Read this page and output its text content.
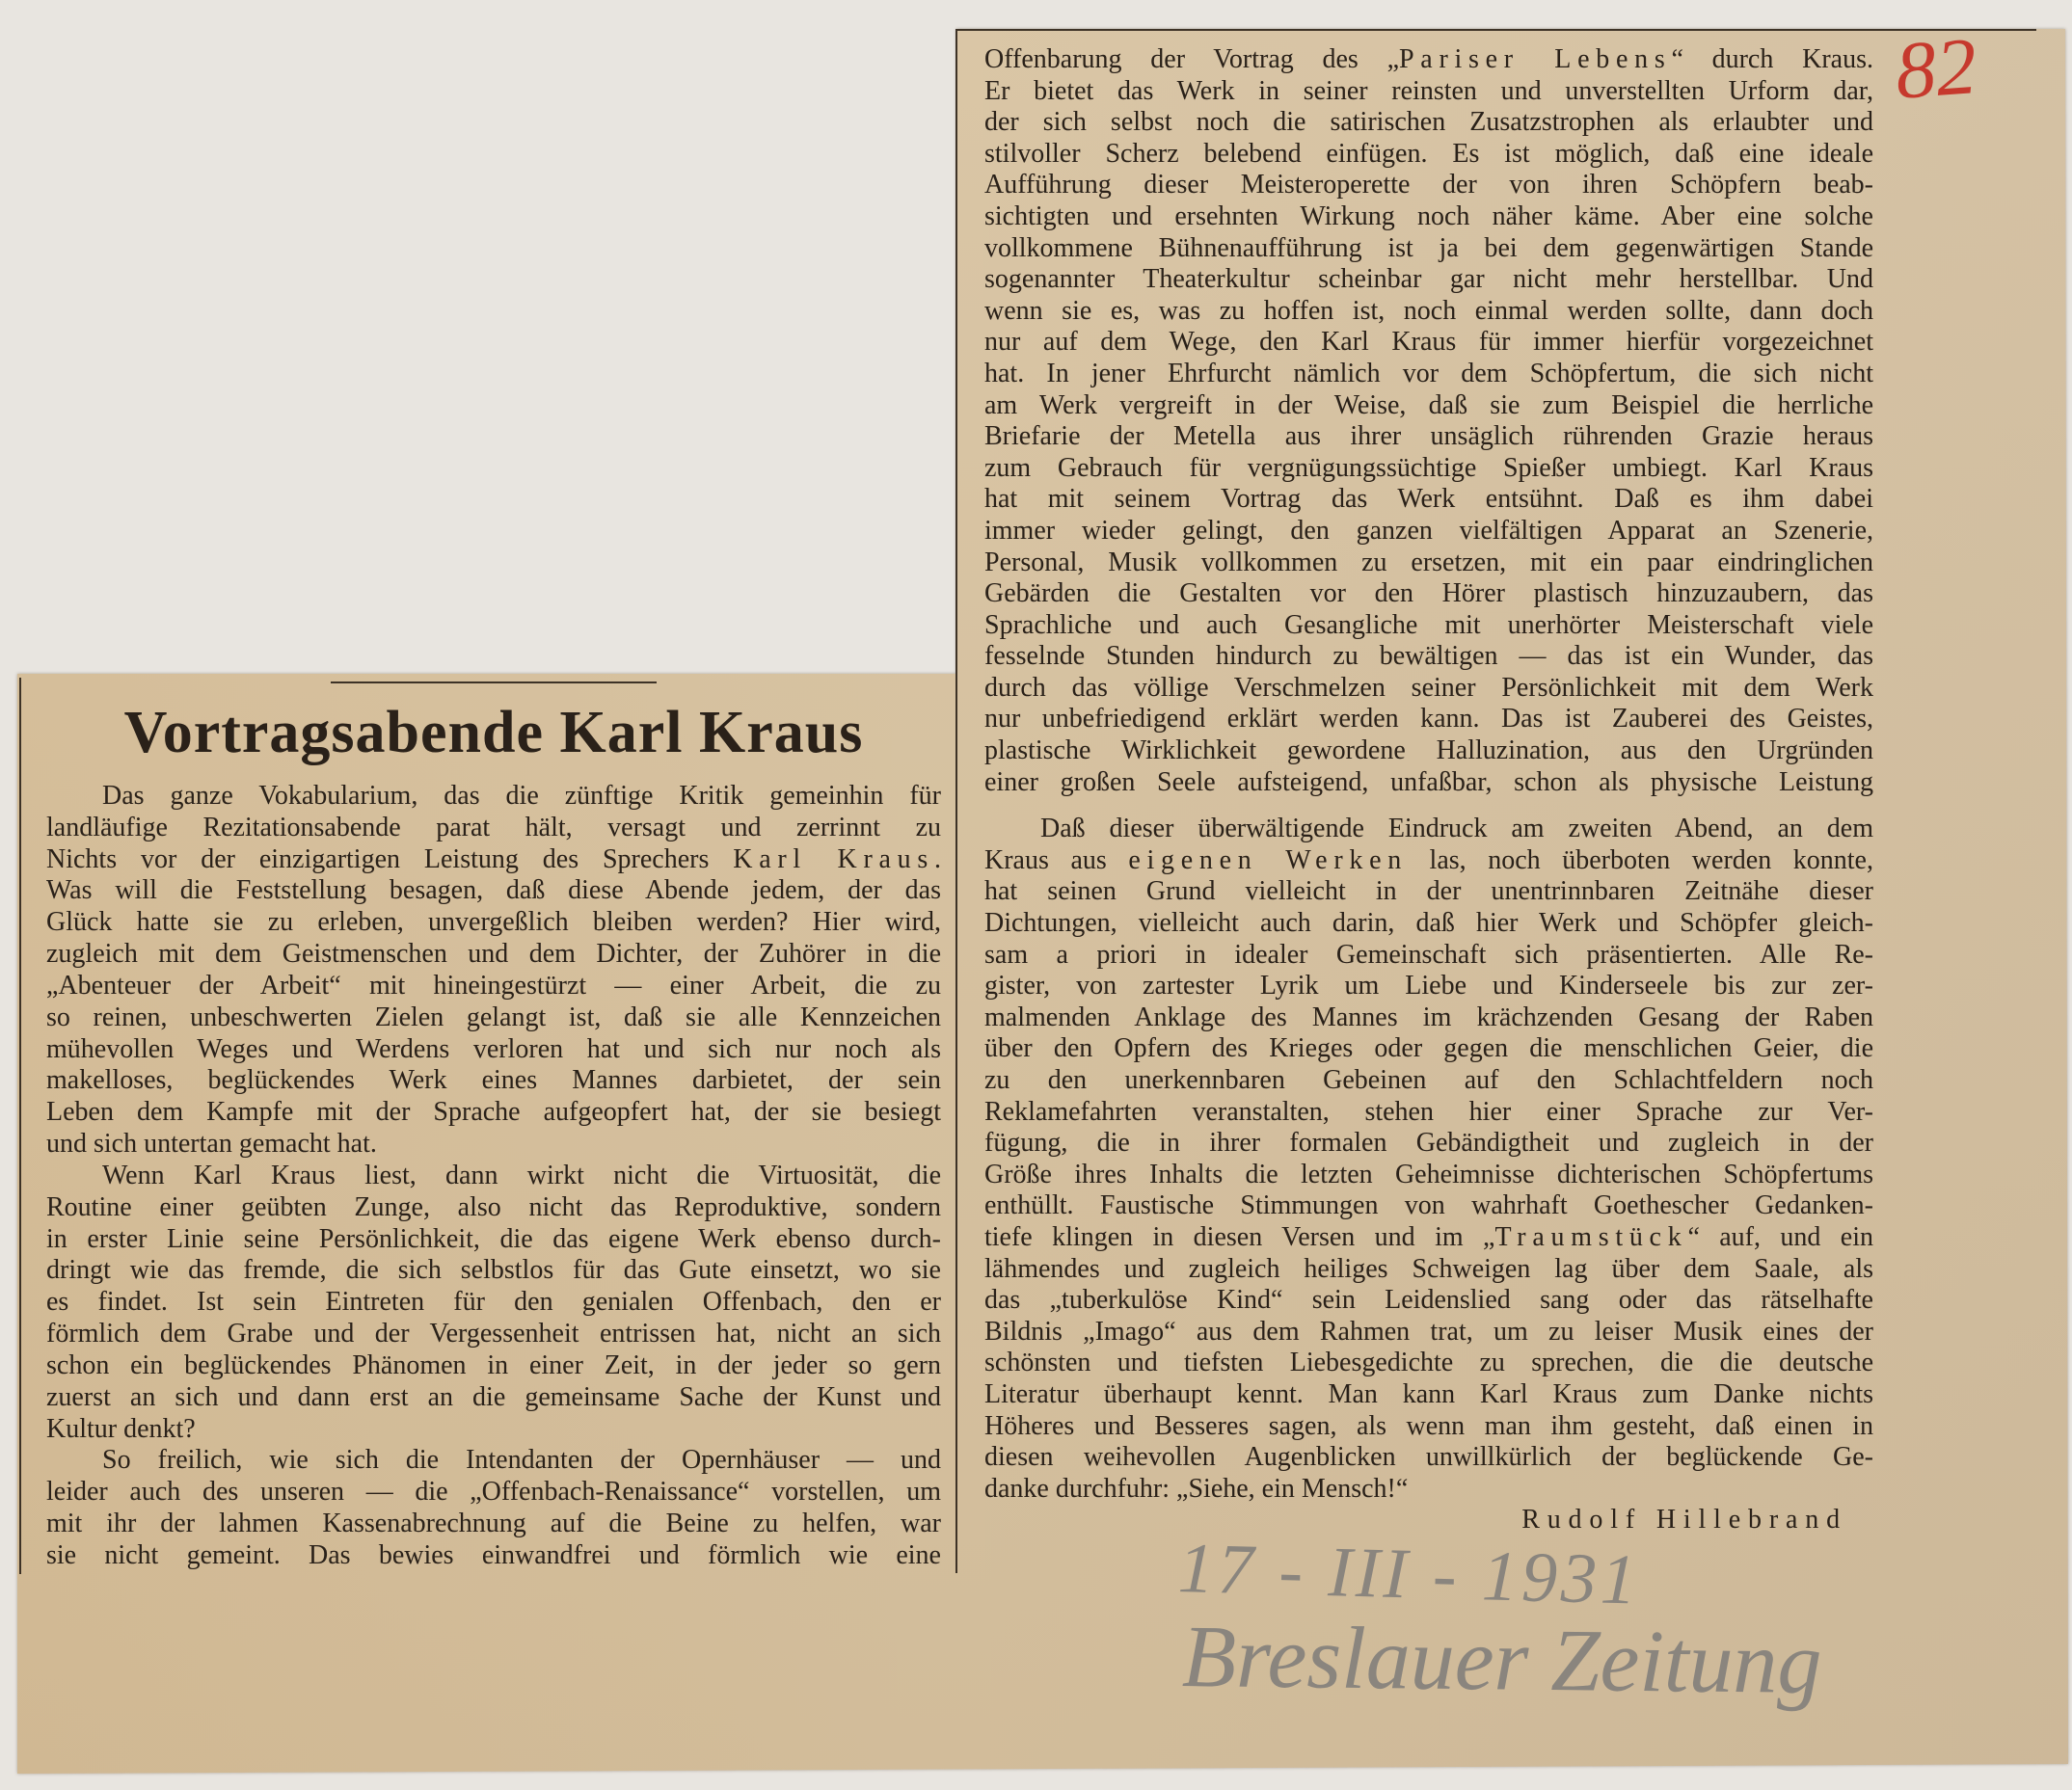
Vortragsabende Karl Kraus
Das ganze Vokabularium, das die zünftige Kritik gemeinhin für
landläufige Rezitationsabende parat hält, versagt und zerrinnt zu
Nichts vor der einzigartigen Leistung des Sprechers Karl Kraus.
Was will die Feststellung besagen, daß diese Abende jedem, der das
Glück hatte sie zu erleben, unvergeßlich bleiben werden? Hier wird,
zugleich mit dem Geistmenschen und dem Dichter, der Zuhörer in die
„Abenteuer der Arbeit“ mit hineingestürzt — einer Arbeit, die zu
so reinen, unbeschwerten Zielen gelangt ist, daß sie alle Kennzeichen
mühevollen Weges und Werdens verloren hat und sich nur noch als
makelloses, beglückendes Werk eines Mannes darbietet, der sein
Leben dem Kampfe mit der Sprache aufgeopfert hat, der sie besiegt
und sich untertan gemacht hat.
Wenn Karl Kraus liest, dann wirkt nicht die Virtuosität, die
Routine einer geübten Zunge, also nicht das Reproduktive, sondern
in erster Linie seine Persönlichkeit, die das eigene Werk ebenso durch-
dringt wie das fremde, die sich selbstlos für das Gute einsetzt, wo sie
es findet. Ist sein Eintreten für den genialen Offenbach, den er
förmlich dem Grabe und der Vergessenheit entrissen hat, nicht an sich
schon ein beglückendes Phänomen in einer Zeit, in der jeder so gern
zuerst an sich und dann erst an die gemeinsame Sache der Kunst und
Kultur denkt?
So freilich, wie sich die Intendanten der Opernhäuser — und
leider auch des unseren — die „Offenbach-Renaissance“ vorstellen, um
mit ihr der lahmen Kassenabrechnung auf die Beine zu helfen, war
sie nicht gemeint. Das bewies einwandfrei und förmlich wie eine
Offenbarung der Vortrag des „Pariser Lebens“ durch Kraus.
Er bietet das Werk in seiner reinsten und unverstellten Urform dar,
der sich selbst noch die satirischen Zusatzstrophen als erlaubter und
stilvoller Scherz belebend einfügen. Es ist möglich, daß eine ideale
Aufführung dieser Meisteroperette der von ihren Schöpfern beab-
sichtigten und ersehnten Wirkung noch näher käme. Aber eine solche
vollkommene Bühnenaufführung ist ja bei dem gegenwärtigen Stande
sogenannter Theaterkultur scheinbar gar nicht mehr herstellbar. Und
wenn sie es, was zu hoffen ist, noch einmal werden sollte, dann doch
nur auf dem Wege, den Karl Kraus für immer hierfür vorgezeichnet
hat. In jener Ehrfurcht nämlich vor dem Schöpfertum, die sich nicht
am Werk vergreift in der Weise, daß sie zum Beispiel die herrliche
Briefarie der Metella aus ihrer unsäglich rührenden Grazie heraus
zum Gebrauch für vergnügungssüchtige Spießer umbiegt. Karl Kraus
hat mit seinem Vortrag das Werk entsühnt. Daß es ihm dabei
immer wieder gelingt, den ganzen vielfältigen Apparat an Szenerie,
Personal, Musik vollkommen zu ersetzen, mit ein paar eindringlichen
Gebärden die Gestalten vor den Hörer plastisch hinzuzaubern, das
Sprachliche und auch Gesangliche mit unerhörter Meisterschaft viele
fesselnde Stunden hindurch zu bewältigen — das ist ein Wunder, das
durch das völlige Verschmelzen seiner Persönlichkeit mit dem Werk
nur unbefriedigend erklärt werden kann. Das ist Zauberei des Geistes,
plastische Wirklichkeit gewordene Halluzination, aus den Urgründen
einer großen Seele aufsteigend, unfaßbar, schon als physische Leistung
Daß dieser überwältigende Eindruck am zweiten Abend, an dem
Kraus aus eigenen Werken las, noch überboten werden konnte,
hat seinen Grund vielleicht in der unentrinnbaren Zeitnähe dieser
Dichtungen, vielleicht auch darin, daß hier Werk und Schöpfer gleich-
sam a priori in idealer Gemeinschaft sich präsentierten. Alle Re-
gister, von zartester Lyrik um Liebe und Kinderseele bis zur zer-
malmenden Anklage des Mannes im krächzenden Gesang der Raben
über den Opfern des Krieges oder gegen die menschlichen Geier, die
zu den unerkennbaren Gebeinen auf den Schlachtfeldern noch
Reklamefahrten veranstalten, stehen hier einer Sprache zur Ver-
fügung, die in ihrer formalen Gebändigtheit und zugleich in der
Größe ihres Inhalts die letzten Geheimnisse dichterischen Schöpfertums
enthüllt. Faustische Stimmungen von wahrhaft Goethescher Gedanken-
tiefe klingen in diesen Versen und im „Traumstück“ auf, und ein
lähmendes und zugleich heiliges Schweigen lag über dem Saale, als
das „tuberkulöse Kind“ sein Leidenslied sang oder das rätselhafte
Bildnis „Imago“ aus dem Rahmen trat, um zu leiser Musik eines der
schönsten und tiefsten Liebesgedichte zu sprechen, die die deutsche
Literatur überhaupt kennt. Man kann Karl Kraus zum Danke nichts
Höheres und Besseres sagen, als wenn man ihm gesteht, daß einen in
diesen weihevollen Augenblicken unwillkürlich der beglückende Ge-
danke durchfuhr: „Siehe, ein Mensch!“
Rudolf Hillebrand
82
17 - III - 1931
Breslauer Zeitung
